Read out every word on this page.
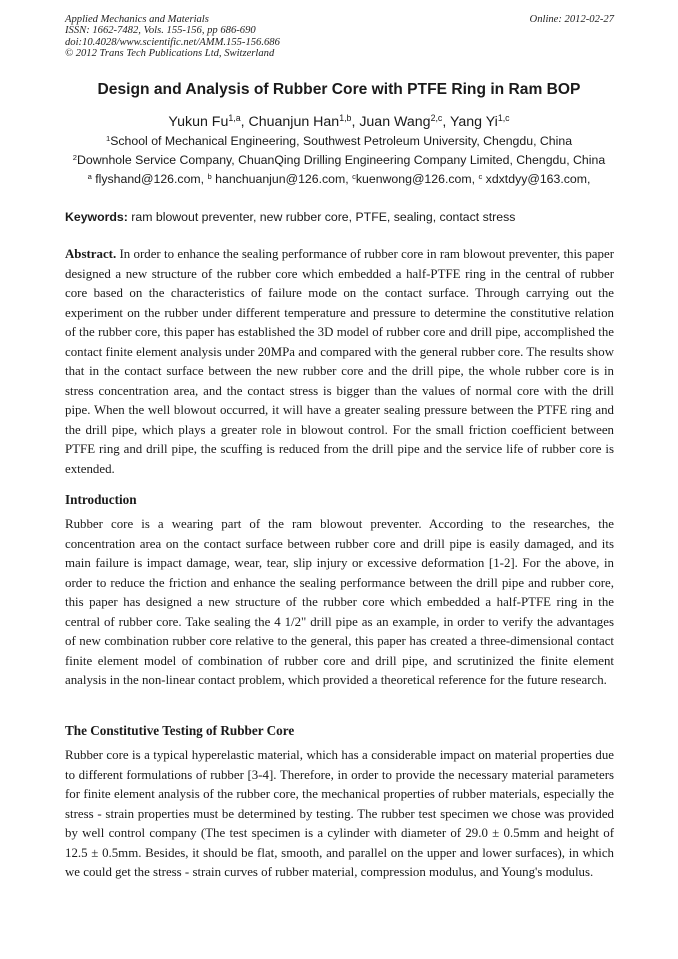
Applied Mechanics and Materials
ISSN: 1662-7482, Vols. 155-156, pp 686-690
doi:10.4028/www.scientific.net/AMM.155-156.686
© 2012 Trans Tech Publications Ltd, Switzerland
Online: 2012-02-27
Design and Analysis of Rubber Core with PTFE Ring in Ram BOP
Yukun Fu$^{1,a}$, Chuanjun Han$^{1,b}$, Juan Wang$^{2,c}$, Yang Yi$^{1,c}$
$^1$School of Mechanical Engineering, Southwest Petroleum University, Chengdu, China
$^2$Downhole Service Company, ChuanQing Drilling Engineering Company Limited, Chengdu, China
$^a$ flyshand@126.com, $^b$ hanchuanjun@126.com, $^c$kuenwong@126.com, $^c$ xdxtdyy@163.com,
Keywords: ram blowout preventer, new rubber core, PTFE, sealing, contact stress

Abstract. In order to enhance the sealing performance of rubber core in ram blowout preventer, this paper designed a new structure of the rubber core which embedded a half-PTFE ring in the central of rubber core based on the characteristics of failure mode on the contact surface. Through carrying out the experiment on the rubber under different temperature and pressure to determine the constitutive relation of the rubber core, this paper has established the 3D model of rubber core and drill pipe, accomplished the contact finite element analysis under 20MPa and compared with the general rubber core. The results show that in the contact surface between the new rubber core and the drill pipe, the whole rubber core is in stress concentration area, and the contact stress is bigger than the values of normal core with the drill pipe. When the well blowout occurred, it will have a greater sealing pressure between the PTFE ring and the drill pipe, which plays a greater role in blowout control. For the small friction coefficient between PTFE ring and drill pipe, the scuffing is reduced from the drill pipe and the service life of rubber core is extended.

Introduction

Rubber core is a wearing part of the ram blowout preventer. According to the researches, the concentration area on the contact surface between rubber core and drill pipe is easily damaged, and its main failure is impact damage, wear, tear, slip injury or excessive deformation [1-2]. For the above, in order to reduce the friction and enhance the sealing performance between the drill pipe and rubber core, this paper has designed a new structure of the rubber core which embedded a half-PTFE ring in the central of rubber core. Take sealing the 4 1/2" drill pipe as an example, in order to verify the advantages of new combination rubber core relative to the general, this paper has created a three-dimensional contact finite element model of combination of rubber core and drill pipe, and scrutinized the finite element analysis in the non-linear contact problem, which provided a theoretical reference for the future research.

The Constitutive Testing of Rubber Core

Rubber core is a typical hyperelastic material, which has a considerable impact on material properties due to different formulations of rubber [3-4]. Therefore, in order to provide the necessary material parameters for finite element analysis of the rubber core, the mechanical properties of rubber materials, especially the stress - strain properties must be determined by testing. The rubber test specimen we chose was provided by well control company (The test specimen is a cylinder with diameter of 29.0 ± 0.5mm and height of 12.5 ± 0.5mm. Besides, it should be flat, smooth, and parallel on the upper and lower surfaces), in which we could get the stress - strain curves of rubber material, compression modulus, and Young's modulus.
